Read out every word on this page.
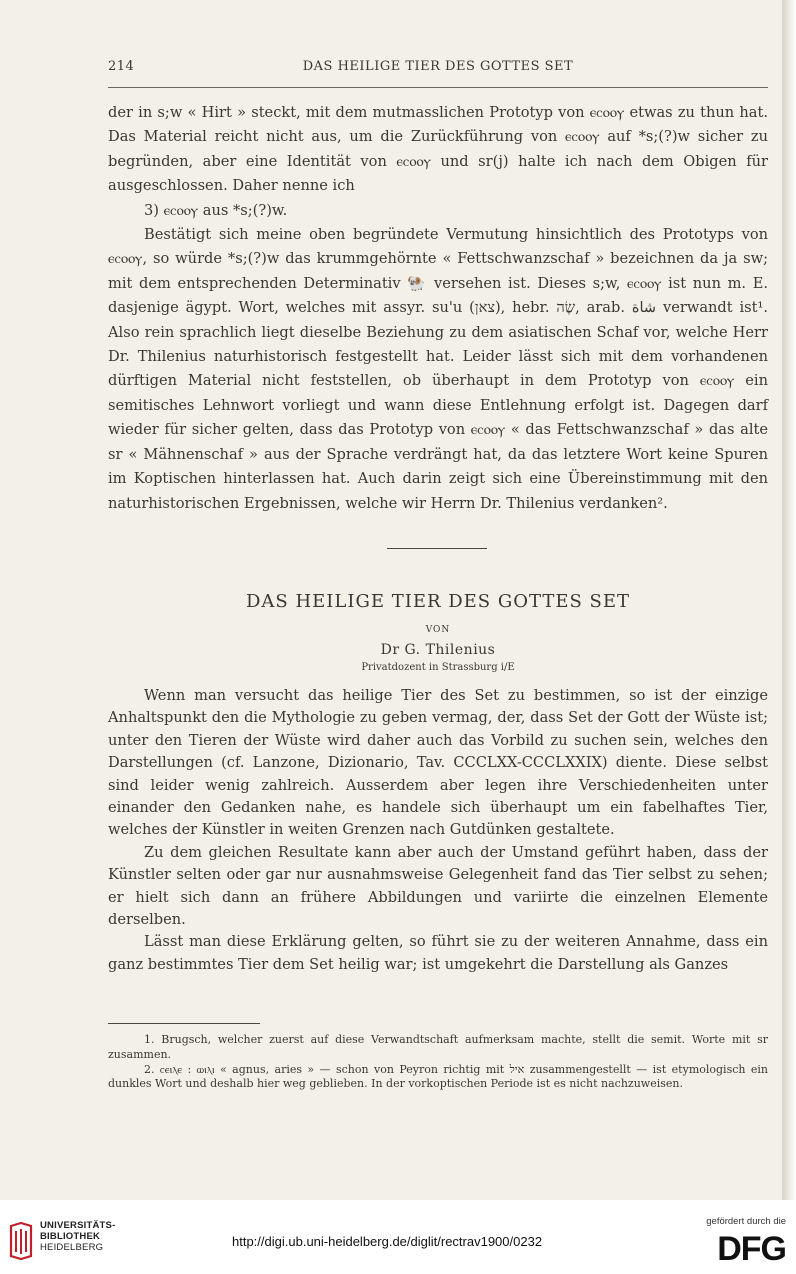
214	DAS HEILIGE TIER DES GOTTES SET

der in s;w « Hirt » steckt, mit dem mutmasslichen Prototyp von ⲉⲥⲟⲟⲩ etwas zu thun hat. Das Material reicht nicht aus, um die Zurückführung von ⲉⲥⲟⲟⲩ auf *s;(?)w sicher zu begründen, aber eine Identität von ⲉⲥⲟⲟⲩ und sr(j) halte ich nach dem Obigen für ausgeschlossen. Daher nenne ich

3) ⲉⲥⲟⲟⲩ aus *s;(?)w.

Bestätigt sich meine oben begründete Vermutung hinsichtlich des Prototyps von ⲉⲥⲟⲟⲩ, so würde *s;(?)w das krummgehörnte « Fettschwanzschaf » bezeichnen da ja sw; mit dem entsprechenden Determinativ 🐏 versehen ist. Dieses s;w, ⲉⲥⲟⲟⲩ ist nun m. E. dasjenige ägypt. Wort, welches mit assyr. su'u (צאן), hebr. שֶׂה, arab. شاة verwandt ist¹. Also rein sprachlich liegt dieselbe Beziehung zu dem asiatischen Schaf vor, welche Herr Dr. Thilenius naturhistorisch festgestellt hat. Leider lässt sich mit dem vorhandenen dürftigen Material nicht feststellen, ob überhaupt in dem Prototyp von ⲉⲥⲟⲟⲩ ein semitisches Lehnwort vorliegt und wann diese Entlehnung erfolgt ist. Dagegen darf wieder für sicher gelten, dass das Prototyp von ⲉⲥⲟⲟⲩ « das Fettschwanzschaf » das alte sr « Mähnenschaf » aus der Sprache verdrängt hat, da das letztere Wort keine Spuren im Koptischen hinterlassen hat. Auch darin zeigt sich eine Übereinstimmung mit den naturhistorischen Ergebnissen, welche wir Herrn Dr. Thilenius verdanken².

DAS HEILIGE TIER DES GOTTES SET
VON
Dr G. Thilenius
Privatdozent in Strassburg i/E

Wenn man versucht das heilige Tier des Set zu bestimmen, so ist der einzige Anhaltspunkt den die Mythologie zu geben vermag, der, dass Set der Gott der Wüste ist; unter den Tieren der Wüste wird daher auch das Vorbild zu suchen sein, welches den Darstellungen (cf. Lanzone, Dizionario, Tav. CCCLXX-CCCLXXIX) diente. Diese selbst sind leider wenig zahlreich. Ausserdem aber legen ihre Verschiedenheiten unter einander den Gedanken nahe, es handele sich überhaupt um ein fabelhaftes Tier, welches der Künstler in weiten Grenzen nach Gutdünken gestaltete.

Zu dem gleichen Resultate kann aber auch der Umstand geführt haben, dass der Künstler selten oder gar nur ausnahmsweise Gelegenheit fand das Tier selbst zu sehen; er hielt sich dann an frühere Abbildungen und variirte die einzelnen Elemente derselben.

Lässt man diese Erklärung gelten, so führt sie zu der weiteren Annahme, dass ein ganz bestimmtes Tier dem Set heilig war; ist umgekehrt die Darstellung als Ganzes

1. Brugsch, welcher zuerst auf diese Verwandtschaft aufmerksam machte, stellt die semit. Worte mit sr zusammen.

2. ⲥⲉⲓⲗⲉ : ⲱⲓⲗⲓ « agnus, aries » — schon von Peyron richtig mit איל zusammengestellt — ist etymologisch ein dunkles Wort und deshalb hier weg geblieben. In der vorkoptischen Periode ist es nicht nachzuweisen.

UNIVERSITÄTS-
BIBLIOTHEK
HEIDELBERG	http://digi.ub.uni-heidelberg.de/diglit/rectrav1900/0232
gefördert durch die
DFG
